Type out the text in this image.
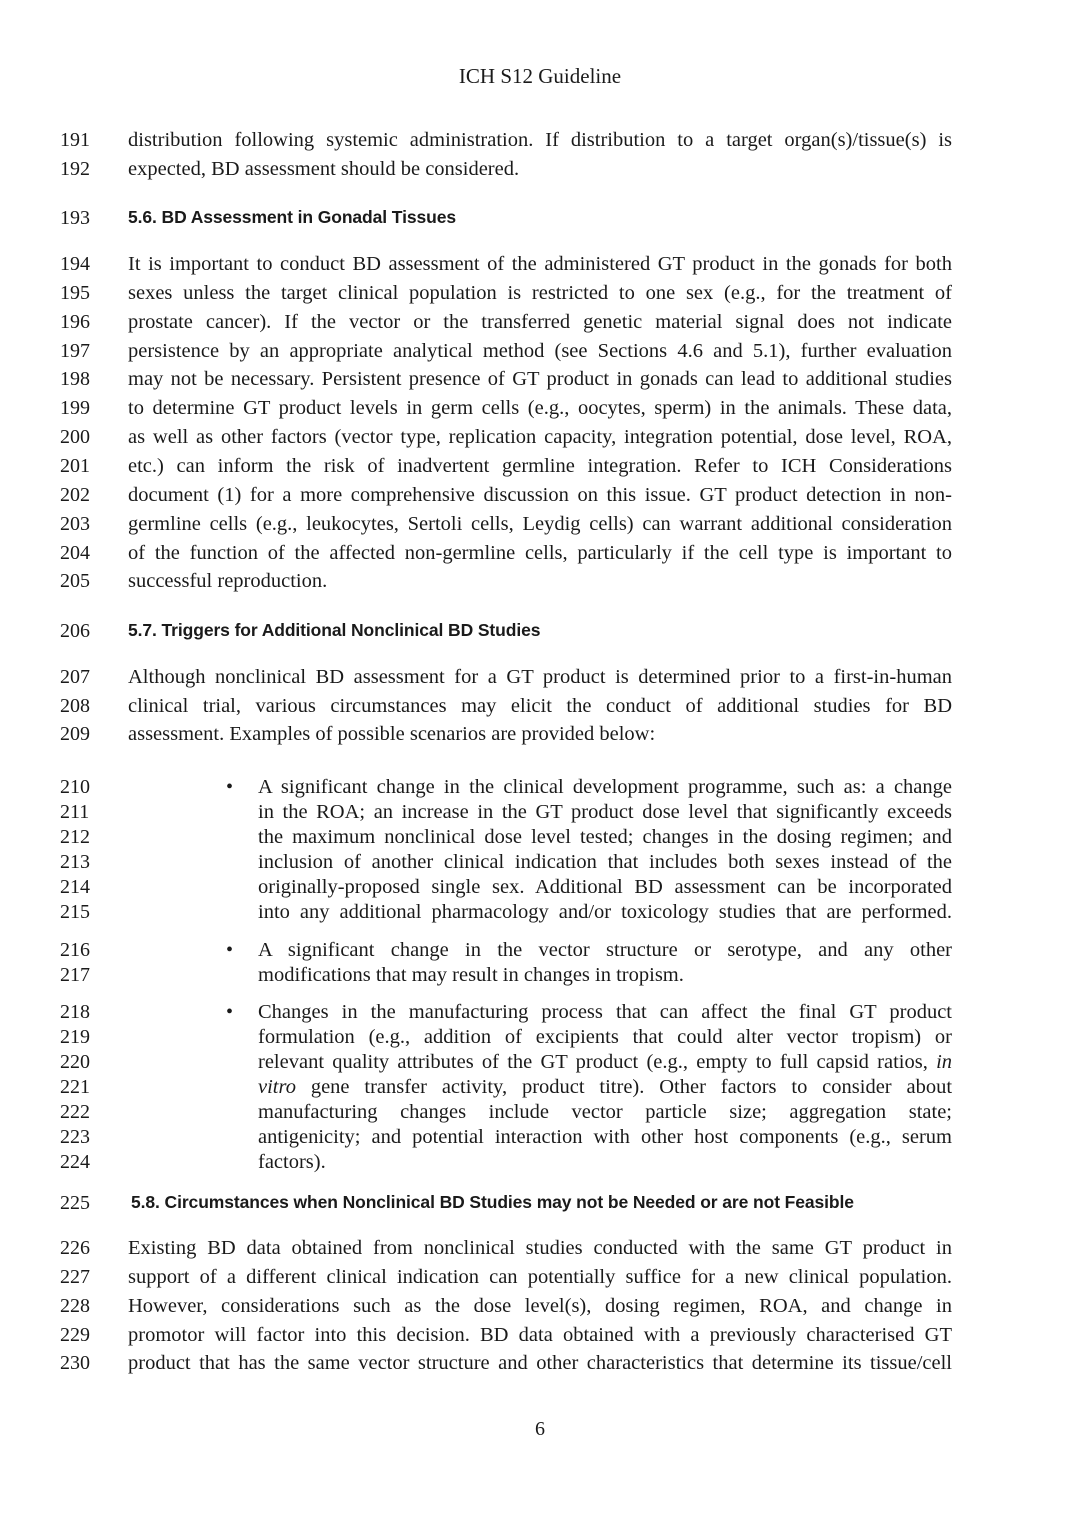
ICH S12 Guideline
191	distribution following systemic administration. If distribution to a target organ(s)/tissue(s) is
192	expected, BD assessment should be considered.
193	5.6. BD Assessment in Gonadal Tissues
194	It is important to conduct BD assessment of the administered GT product in the gonads for both
195	sexes unless the target clinical population is restricted to one sex (e.g., for the treatment of
196	prostate cancer). If the vector or the transferred genetic material signal does not indicate
197	persistence by an appropriate analytical method (see Sections 4.6 and 5.1), further evaluation
198	may not be necessary. Persistent presence of GT product in gonads can lead to additional studies
199	to determine GT product levels in germ cells (e.g., oocytes, sperm) in the animals. These data,
200	as well as other factors (vector type, replication capacity, integration potential, dose level, ROA,
201	etc.) can inform the risk of inadvertent germline integration. Refer to ICH Considerations
202	document (1) for a more comprehensive discussion on this issue. GT product detection in non-
203	germline cells (e.g., leukocytes, Sertoli cells, Leydig cells) can warrant additional consideration
204	of the function of the affected non-germline cells, particularly if the cell type is important to
205	successful reproduction.
206	5.7. Triggers for Additional Nonclinical BD Studies
207	Although nonclinical BD assessment for a GT product is determined prior to a first-in-human
208	clinical trial, various circumstances may elicit the conduct of additional studies for BD
209	assessment. Examples of possible scenarios are provided below:
210	• A significant change in the clinical development programme, such as: a change
211	in the ROA; an increase in the GT product dose level that significantly exceeds
212	the maximum nonclinical dose level tested; changes in the dosing regimen; and
213	inclusion of another clinical indication that includes both sexes instead of the
214	originally-proposed single sex. Additional BD assessment can be incorporated
215	into any additional pharmacology and/or toxicology studies that are performed.
216	• A significant change in the vector structure or serotype, and any other
217	modifications that may result in changes in tropism.
218	• Changes in the manufacturing process that can affect the final GT product
219	formulation (e.g., addition of excipients that could alter vector tropism) or
220	relevant quality attributes of the GT product (e.g., empty to full capsid ratios, in
221	vitro gene transfer activity, product titre). Other factors to consider about
222	manufacturing changes include vector particle size; aggregation state;
223	antigenicity; and potential interaction with other host components (e.g., serum
224	factors).
225	5.8. Circumstances when Nonclinical BD Studies may not be Needed or are not Feasible
226	Existing BD data obtained from nonclinical studies conducted with the same GT product in
227	support of a different clinical indication can potentially suffice for a new clinical population.
228	However, considerations such as the dose level(s), dosing regimen, ROA, and change in
229	promotor will factor into this decision. BD data obtained with a previously characterised GT
230	product that has the same vector structure and other characteristics that determine its tissue/cell
6
